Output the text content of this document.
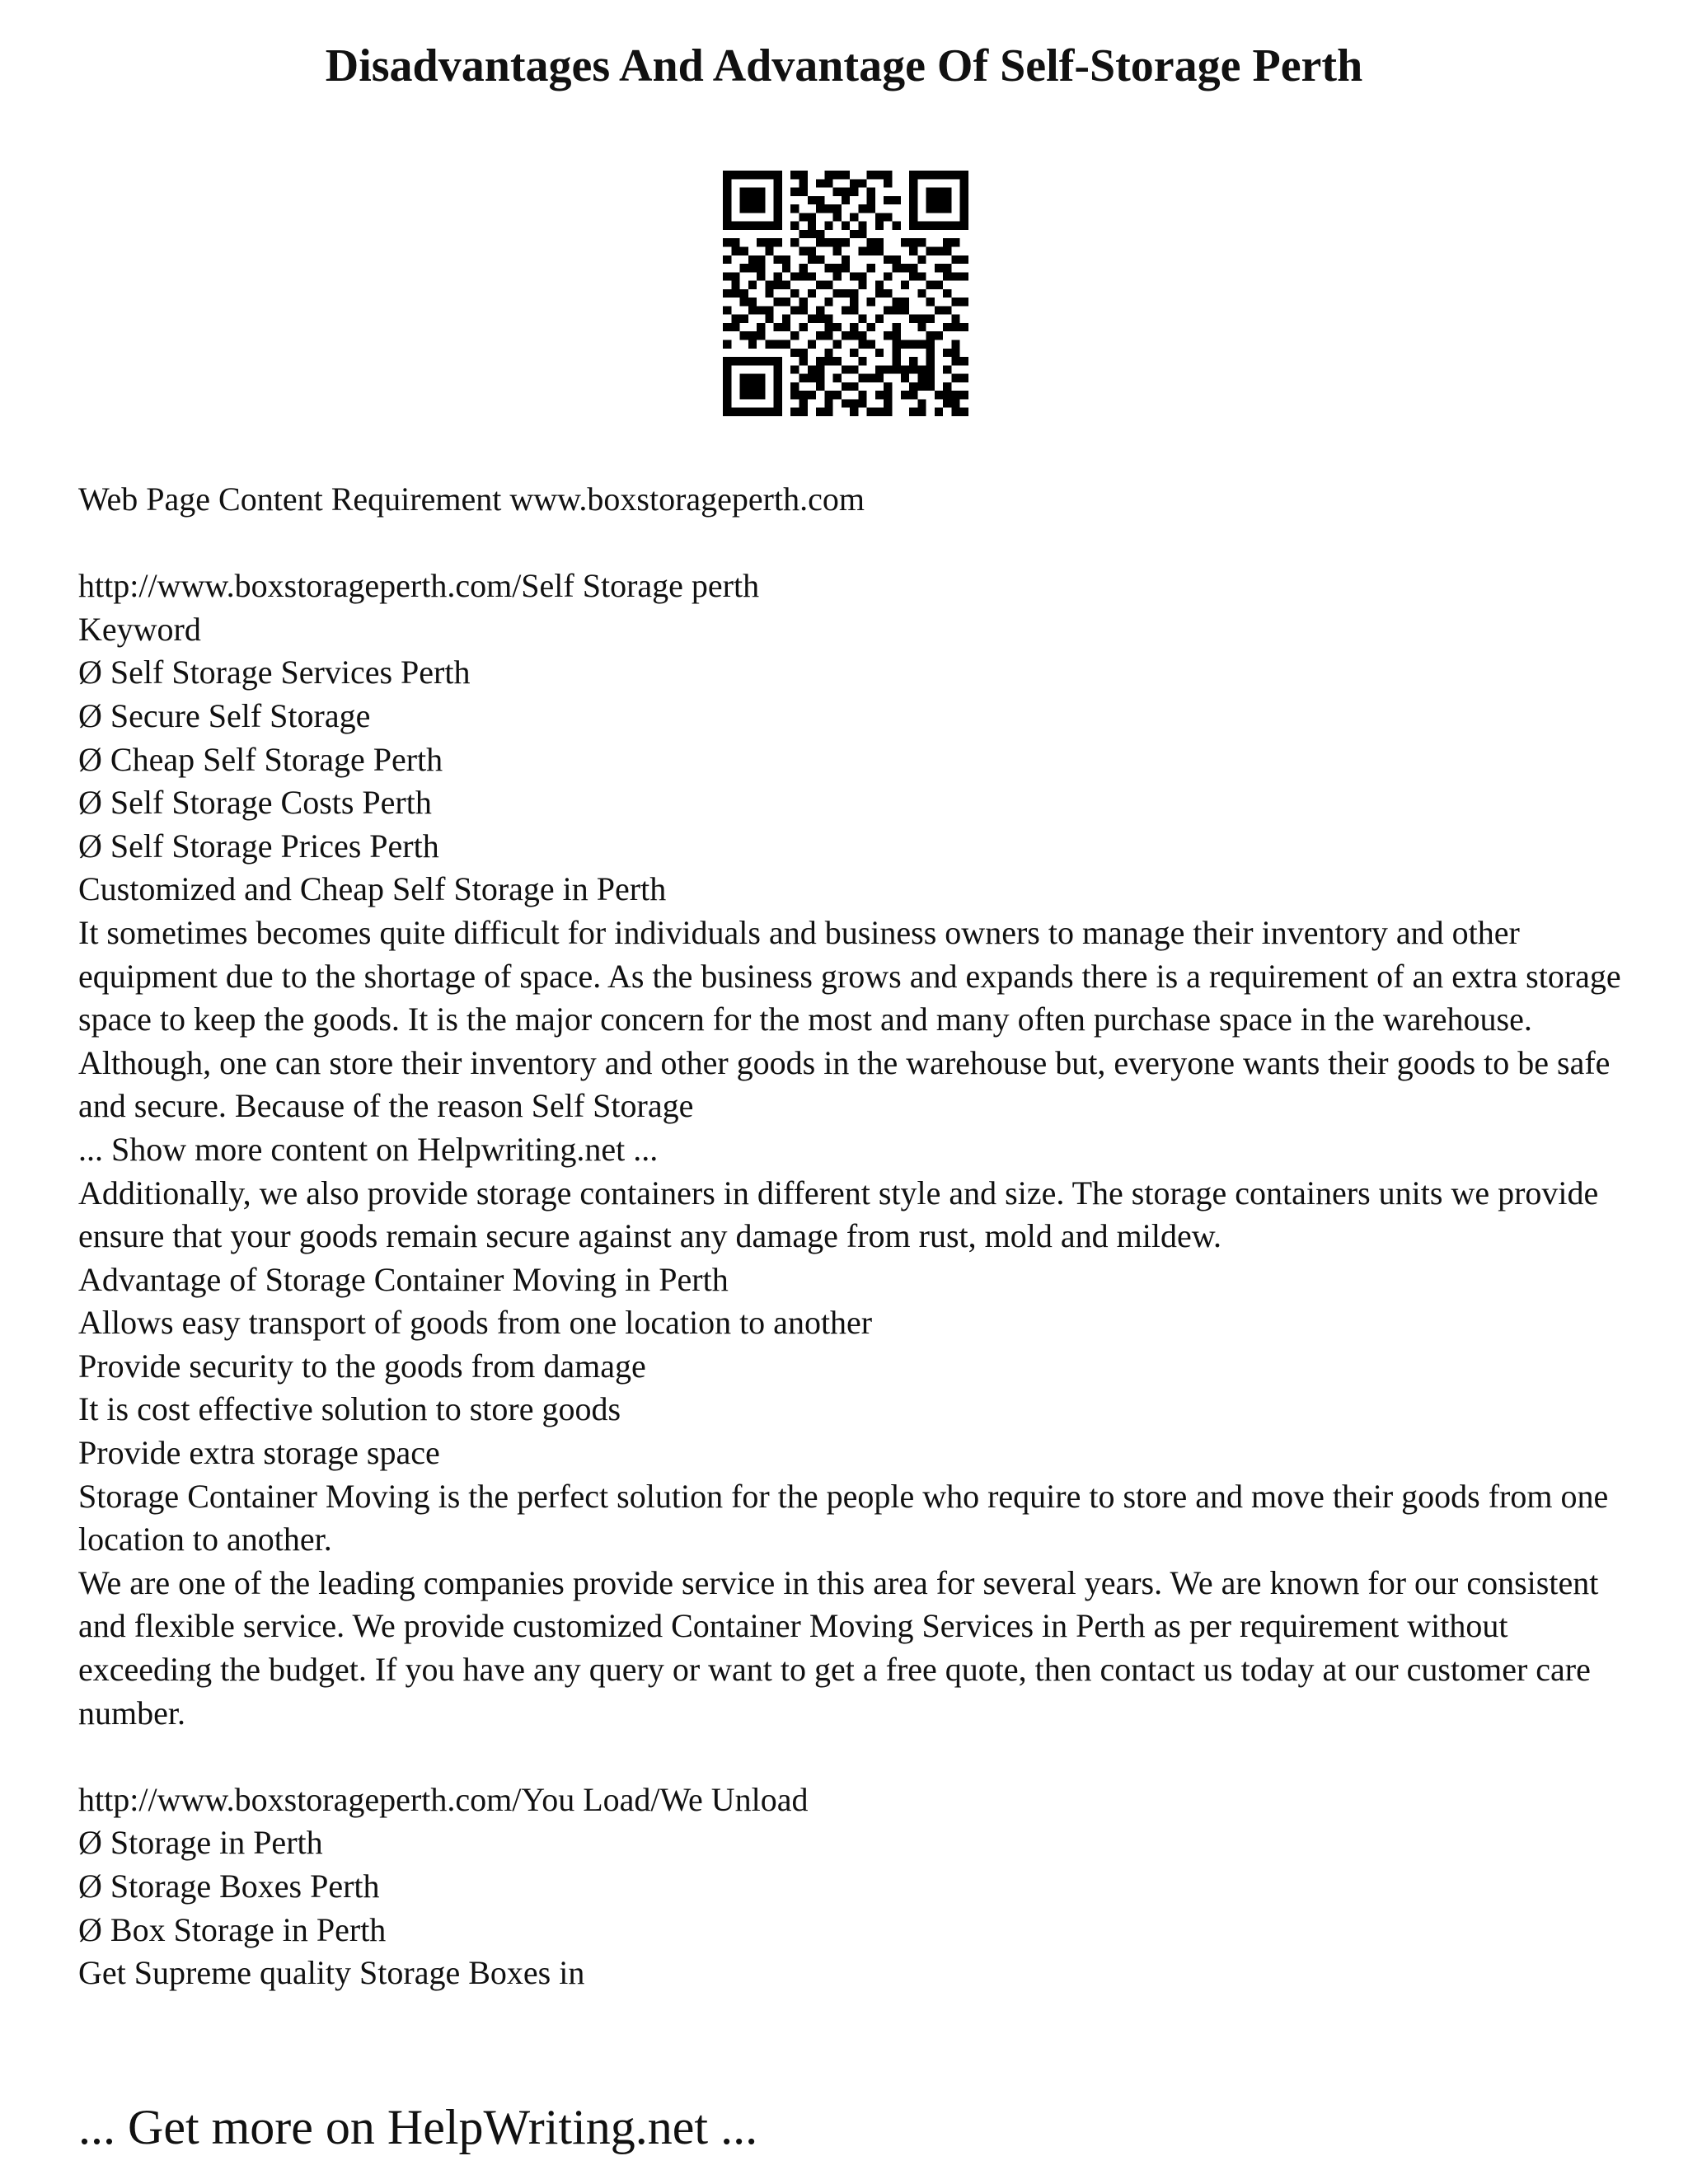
Disadvantages And Advantage Of Self-Storage Perth
Web Page Content Requirement www.boxstorageperth.com
http://www.boxstorageperth.com/Self Storage perth
Keyword
Ø Self Storage Services Perth
Ø Secure Self Storage
Ø Cheap Self Storage Perth
Ø Self Storage Costs Perth
Ø Self Storage Prices Perth
Customized and Cheap Self Storage in Perth
It sometimes becomes quite difficult for individuals and business owners to manage their inventory and other equipment due to the shortage of space. As the business grows and expands there is a requirement of an extra storage space to keep the goods. It is the major concern for the most and many often purchase space in the warehouse. Although, one can store their inventory and other goods in the warehouse but, everyone wants their goods to be safe and secure. Because of the reason Self Storage
... Show more content on Helpwriting.net ...
Additionally, we also provide storage containers in different style and size. The storage containers units we provide ensure that your goods remain secure against any damage from rust, mold and mildew.
Advantage of Storage Container Moving in Perth
Allows easy transport of goods from one location to another
Provide security to the goods from damage
It is cost effective solution to store goods
Provide extra storage space
Storage Container Moving is the perfect solution for the people who require to store and move their goods from one location to another.
We are one of the leading companies provide service in this area for several years. We are known for our consistent and flexible service. We provide customized Container Moving Services in Perth as per requirement without exceeding the budget. If you have any query or want to get a free quote, then contact us today at our customer care number.
http://www.boxstorageperth.com/You Load/We Unload
Ø Storage in Perth
Ø Storage Boxes Perth
Ø Box Storage in Perth
Get Supreme quality Storage Boxes in
... Get more on HelpWriting.net ...
